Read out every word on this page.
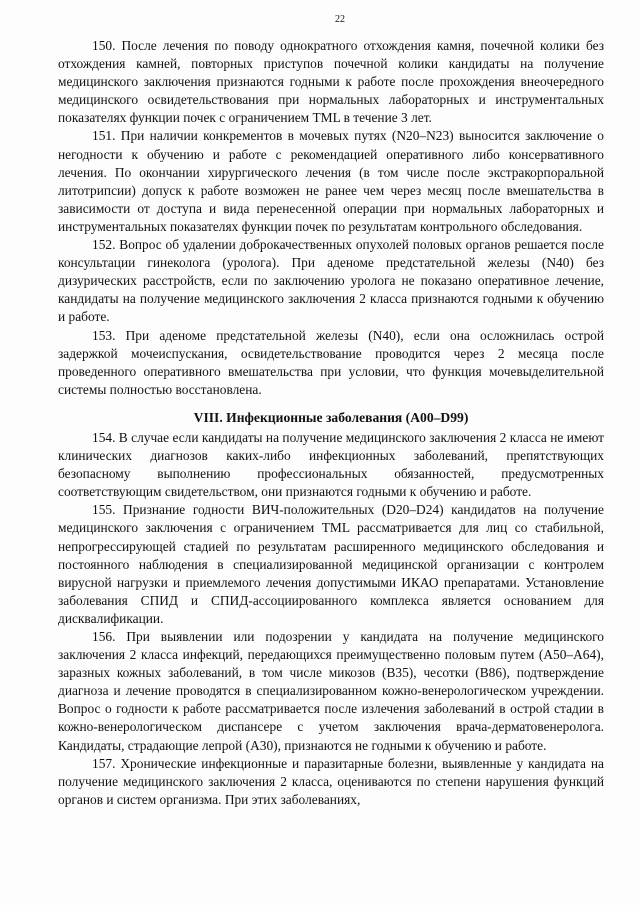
22

150. После лечения по поводу однократного отхождения камня, почечной колики без отхождения камней, повторных приступов почечной колики кандидаты на получение медицинского заключения признаются годными к работе после прохождения внеочередного медицинского освидетельствования при нормальных лабораторных и инструментальных показателях функции почек с ограничением TML в течение 3 лет.

151. При наличии конкрементов в мочевых путях (N20–N23) выносится заключение о негодности к обучению и работе с рекомендацией оперативного либо консервативного лечения. По окончании хирургического лечения (в том числе после экстракорпоральной литотрипсии) допуск к работе возможен не ранее чем через месяц после вмешательства в зависимости от доступа и вида перенесенной операции при нормальных лабораторных и инструментальных показателях функции почек по результатам контрольного обследования.

152. Вопрос об удалении доброкачественных опухолей половых органов решается после консультации гинеколога (уролога). При аденоме предстательной железы (N40) без дизурических расстройств, если по заключению уролога не показано оперативное лечение, кандидаты на получение медицинского заключения 2 класса признаются годными к обучению и работе.

153. При аденоме предстательной железы (N40), если она осложнилась острой задержкой мочеиспускания, освидетельствование проводится через 2 месяца после проведенного оперативного вмешательства при условии, что функция мочевыделительной системы полностью восстановлена.

VIII. Инфекционные заболевания (A00–D99)

154. В случае если кандидаты на получение медицинского заключения 2 класса не имеют клинических диагнозов каких-либо инфекционных заболеваний, препятствующих безопасному выполнению профессиональных обязанностей, предусмотренных соответствующим свидетельством, они признаются годными к обучению и работе.

155. Признание годности ВИЧ-положительных (D20–D24) кандидатов на получение медицинского заключения с ограничением TML рассматривается для лиц со стабильной, непрогрессирующей стадией по результатам расширенного медицинского обследования и постоянного наблюдения в специализированной медицинской организации с контролем вирусной нагрузки и приемлемого лечения допустимыми ИКАО препаратами. Установление заболевания СПИД и СПИД-ассоциированного комплекса является основанием для дисквалификации.

156. При выявлении или подозрении у кандидата на получение медицинского заключения 2 класса инфекций, передающихся преимущественно половым путем (A50–A64), заразных кожных заболеваний, в том числе микозов (B35), чесотки (B86), подтверждение диагноза и лечение проводятся в специализированном кожно-венерологическом учреждении. Вопрос о годности к работе рассматривается после излечения заболеваний в острой стадии в кожно-венерологическом диспансере с учетом заключения врача-дерматовенеролога. Кандидаты, страдающие лепрой (A30), признаются не годными к обучению и работе.

157. Хронические инфекционные и паразитарные болезни, выявленные у кандидата на получение медицинского заключения 2 класса, оцениваются по степени нарушения функций органов и систем организма. При этих заболеваниях,
